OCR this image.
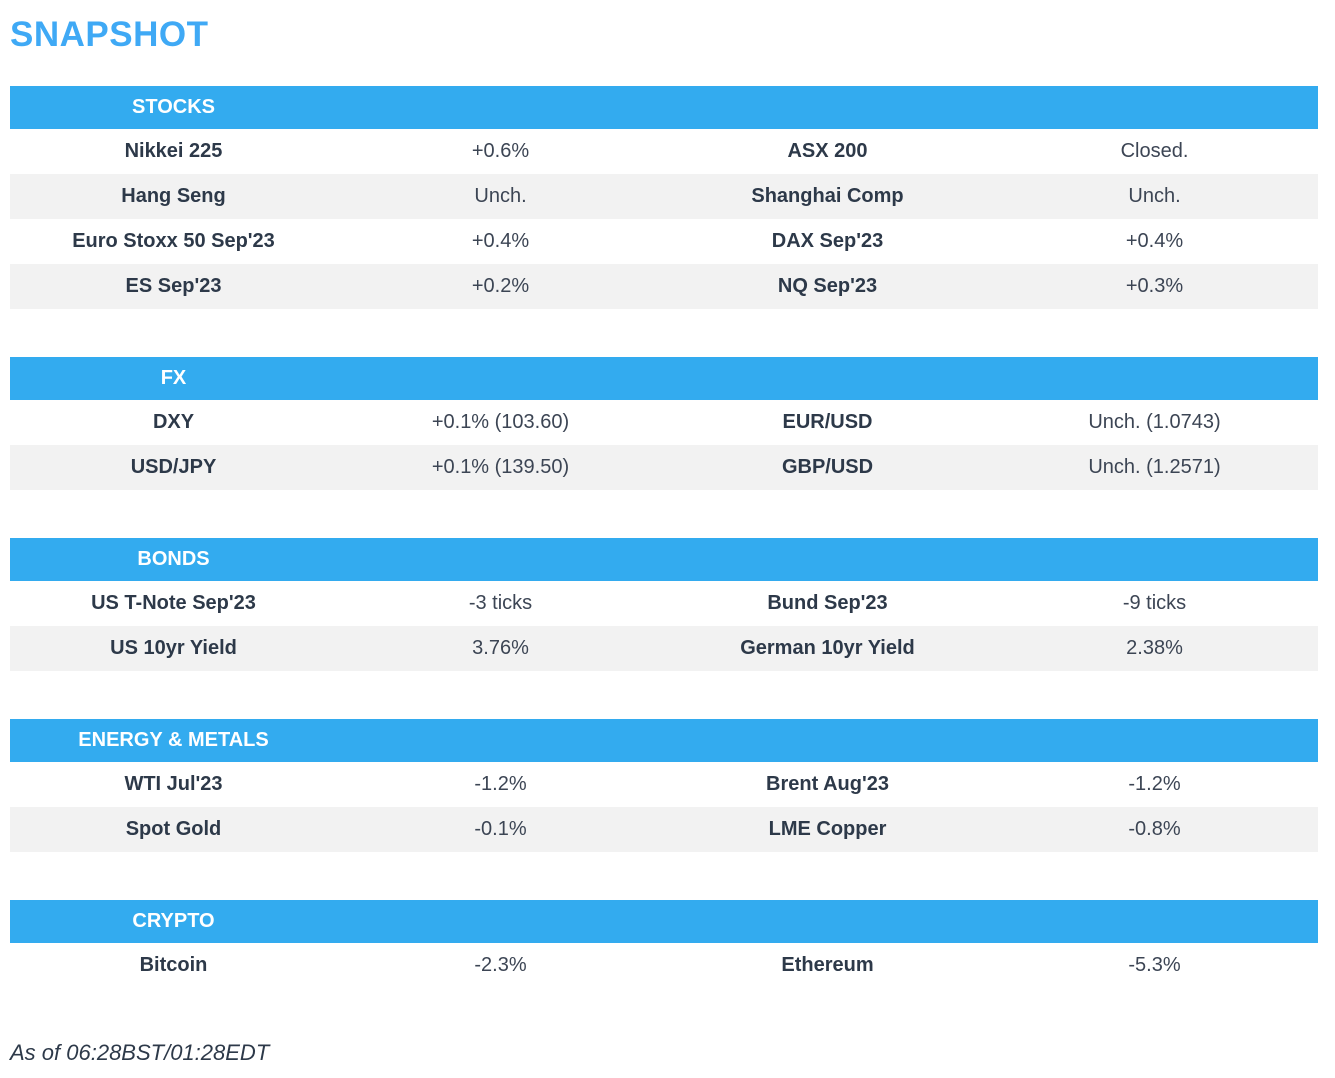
SNAPSHOT
STOCKS
Nikkei 225	+0.6%	ASX 200	Closed.
Hang Seng	Unch.	Shanghai Comp	Unch.
Euro Stoxx 50 Sep'23	+0.4%	DAX Sep'23	+0.4%
ES Sep'23	+0.2%	NQ Sep'23	+0.3%
FX
DXY	+0.1% (103.60)	EUR/USD	Unch. (1.0743)
USD/JPY	+0.1% (139.50)	GBP/USD	Unch. (1.2571)
BONDS
US T-Note Sep'23	-3 ticks	Bund Sep'23	-9 ticks
US 10yr Yield	3.76%	German 10yr Yield	2.38%
ENERGY & METALS
WTI Jul'23	-1.2%	Brent Aug'23	-1.2%
Spot Gold	-0.1%	LME Copper	-0.8%
CRYPTO
Bitcoin	-2.3%	Ethereum	-5.3%
As of 06:28BST/01:28EDT
